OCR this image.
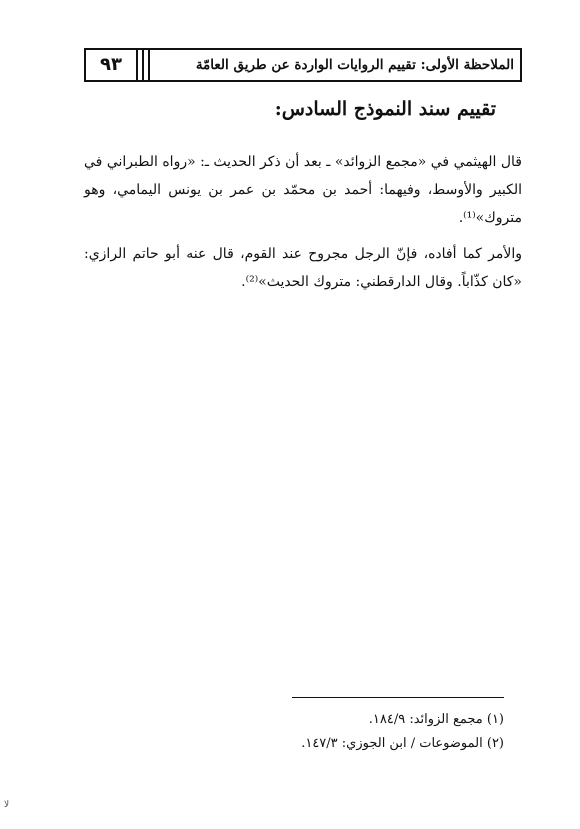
الملاحظة الأولى: تقييم الروايات الواردة عن طريق العامّة
٩٣
تقييم سند النموذج السادس:
قال الهيثمي في «مجمع الزوائد» ـ بعد أن ذكر الحديث ـ: «رواه الطبراني في
الكبير والأوسط، وفيهما: أحمد بن محمّد بن عمر بن يونس اليمامي، وهو
متروك»⁽¹⁾.
والأمر كما أفاده، فإنّ الرجل مجروح عند القوم، قال عنه أبو حاتم الرازي:
«كان كذّاباً. وقال الدارقطني: متروك الحديث»⁽²⁾.
(١) مجمع الزوائد: ١٨٤/٩.
(٢) الموضوعات / ابن الجوزي: ١٤٧/٣.
ﻻ
